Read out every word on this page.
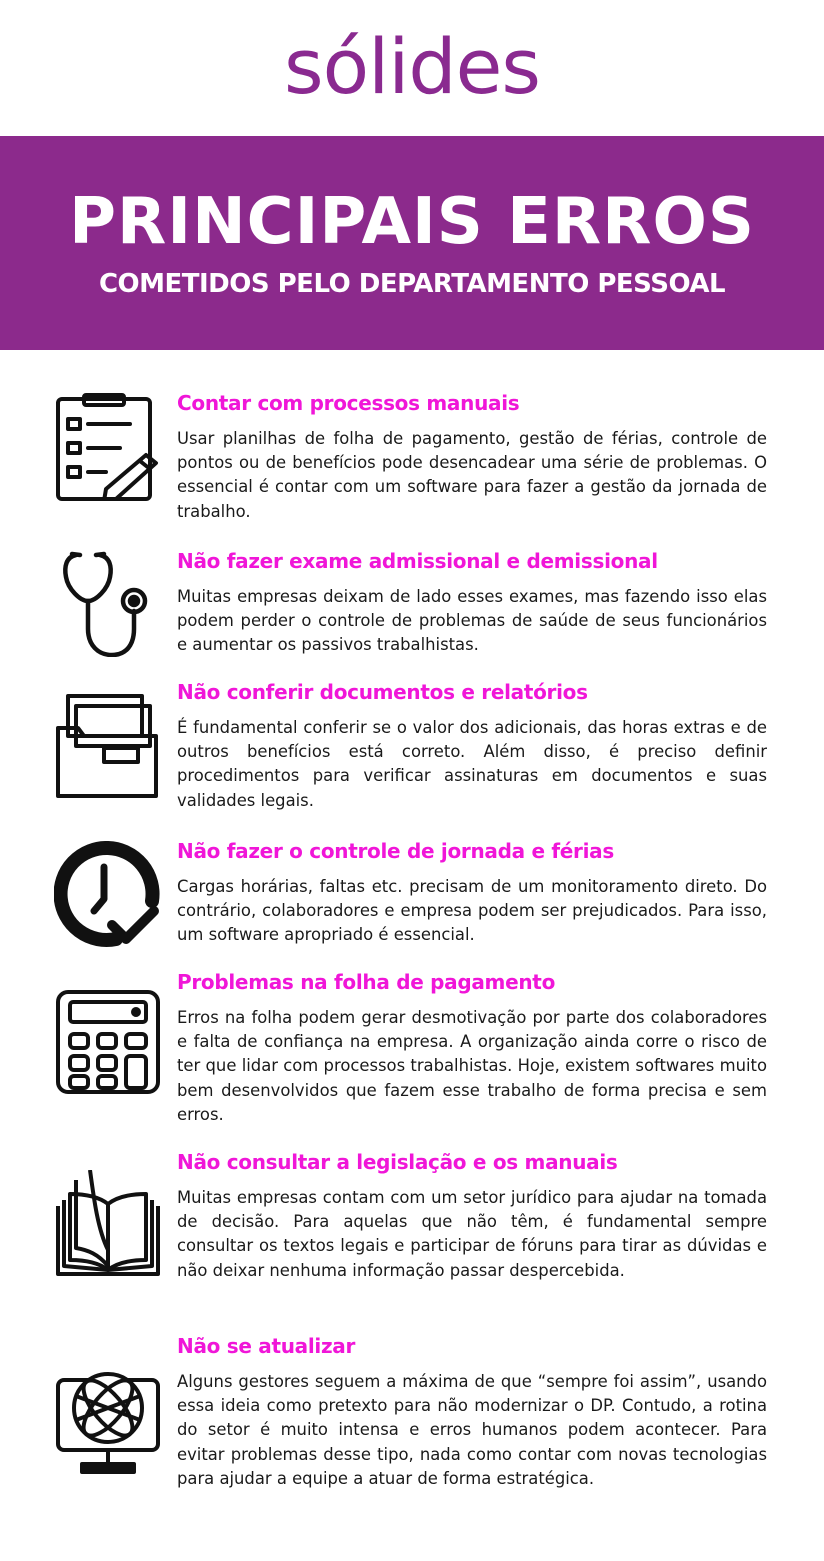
sólides
PRINCIPAIS ERROS
COMETIDOS PELO DEPARTAMENTO PESSOAL
Contar com processos manuais

Usar planilhas de folha de pagamento, gestão de férias, controle de pontos ou de benefícios pode desencadear uma série de problemas. O essencial é contar com um software para fazer a gestão da jornada de trabalho.

Não fazer exame admissional e demissional

Muitas empresas deixam de lado esses exames, mas fazendo isso elas podem perder o controle de problemas de saúde de seus funcionários e aumentar os passivos trabalhistas.

Não conferir documentos e relatórios

É fundamental conferir se o valor dos adicionais, das horas extras e de outros benefícios está correto. Além disso, é preciso definir procedimentos para verificar assinaturas em documentos e suas validades legais.

Não fazer o controle de jornada e férias

Cargas horárias, faltas etc. precisam de um monitoramento direto. Do contrário, colaboradores e empresa podem ser prejudicados. Para isso, um software apropriado é essencial.

Problemas na folha de pagamento

Erros na folha podem gerar desmotivação por parte dos colaboradores e falta de confiança na empresa. A organização ainda corre o risco de ter que lidar com processos trabalhistas. Hoje, existem softwares muito bem desenvolvidos que fazem esse trabalho de forma precisa e sem erros.

Não consultar a legislação e os manuais

Muitas empresas contam com um setor jurídico para ajudar na tomada de decisão. Para aquelas que não têm, é fundamental sempre consultar os textos legais e participar de fóruns para tirar as dúvidas e não deixar nenhuma informação passar despercebida.

Não se atualizar

Alguns gestores seguem a máxima de que “sempre foi assim”, usando essa ideia como pretexto para não modernizar o DP. Contudo, a rotina do setor é muito intensa e erros humanos podem acontecer. Para evitar problemas desse tipo, nada como contar com novas tecnologias para ajudar a equipe a atuar de forma estratégica.
